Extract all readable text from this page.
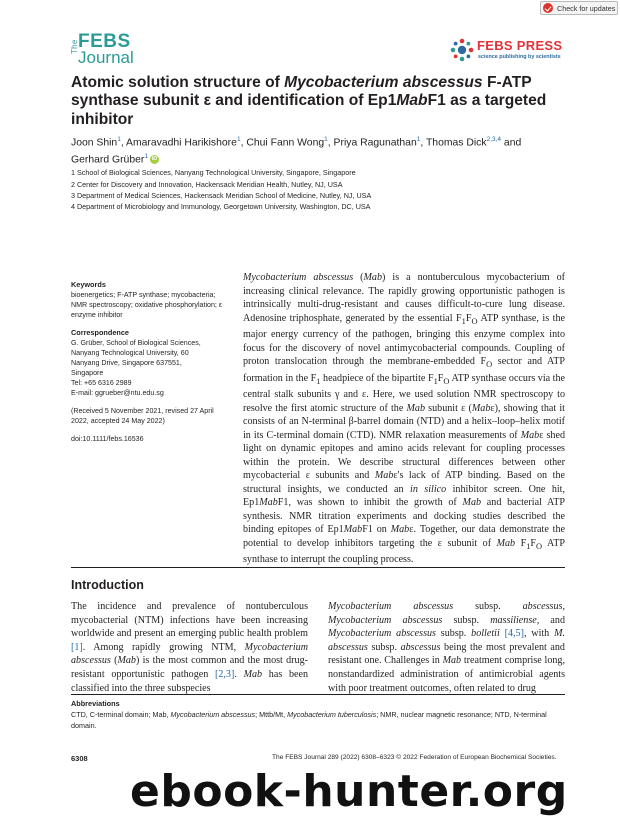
Check for updates
The FEBS
Journal
FEBS PRESS
science publishing by scientists
Atomic solution structure of Mycobacterium abscessus F-ATP synthase subunit ε and identification of Ep1MabF1 as a targeted inhibitor
Joon Shin$^1$, Amaravadhi Harikishore$^1$, Chui Fann Wong$^1$, Priya Ragunathan$^1$, Thomas Dick$^{2,3,4}$ and
Gerhard Grüber$^1$ iD
1 School of Biological Sciences, Nanyang Technological University, Singapore, Singapore
2 Center for Discovery and Innovation, Hackensack Meridian Health, Nutley, NJ, USA
3 Department of Medical Sciences, Hackensack Meridian School of Medicine, Nutley, NJ, USA
4 Department of Microbiology and Immunology, Georgetown University, Washington, DC, USA
Keywords
bioenergetics; F-ATP synthase; mycobacteria; NMR spectroscopy; oxidative phosphorylation; ε enzyme inhibitor
Correspondence
G. Grüber, School of Biological Sciences,
Nanyang Technological University, 60
Nanyang Drive, Singapore 637551,
Singapore
Tel: +65 6316 2989
E-mail: ggrueber@ntu.edu.sg
(Received 5 November 2021, revised 27 April 2022, accepted 24 May 2022)
doi:10.1111/febs.16536
Mycobacterium abscessus (Mab) is a nontuberculous mycobacterium of increasing clinical relevance. The rapidly growing opportunistic pathogen is intrinsically multi-drug-resistant and causes difficult-to-cure lung disease. Adenosine triphosphate, generated by the essential $F_1F_O$ ATP synthase, is the major energy currency of the pathogen, bringing this enzyme complex into focus for the discovery of novel antimycobacterial compounds. Coupling of proton translocation through the membrane-embedded $F_O$ sector and ATP formation in the $F_1$ headpiece of the bipartite $F_1F_O$ ATP synthase occurs via the central stalk subunits γ and ε. Here, we used solution NMR spectroscopy to resolve the first atomic structure of the Mab subunit ε (Mabε), showing that it consists of an N-terminal β-barrel domain (NTD) and a helix–loop–helix motif in its C-terminal domain (CTD). NMR relaxation measurements of Mabε shed light on dynamic epitopes and amino acids relevant for coupling processes within the protein. We describe structural differences between other mycobacterial ε subunits and Mabε's lack of ATP binding. Based on the structural insights, we conducted an in silico inhibitor screen. One hit, Ep1MabF1, was shown to inhibit the growth of Mab and bacterial ATP synthesis. NMR titration experiments and docking studies described the binding epitopes of Ep1MabF1 on Mabε. Together, our data demonstrate the potential to develop inhibitors targeting the ε subunit of Mab $F_1F_O$ ATP synthase to interrupt the coupling process.
Introduction
The incidence and prevalence of nontuberculous mycobacterial (NTM) infections have been increasing worldwide and present an emerging public health problem [1]. Among rapidly growing NTM, Mycobacterium abscessus (Mab) is the most common and the most drug-resistant opportunistic pathogen [2,3]. Mab has been classified into the three subspecies
Mycobacterium abscessus subsp. abscessus, Mycobacterium abscessus subsp. massiliense, and Mycobacterium abscessus subsp. bolletii [4,5], with M. abscessus subsp. abscessus being the most prevalent and resistant one. Challenges in Mab treatment comprise long, nonstandardized administration of antimicrobial agents with poor treatment outcomes, often related to drug
Abbreviations
CTD, C-terminal domain; Mab, Mycobacterium abscessus; Mttb/Mt, Mycobacterium tuberculosis; NMR, nuclear magnetic resonance; NTD, N-terminal domain.
6308	The FEBS Journal 289 (2022) 6308–6323 © 2022 Federation of European Biochemical Societies.
ebook-hunter.org
